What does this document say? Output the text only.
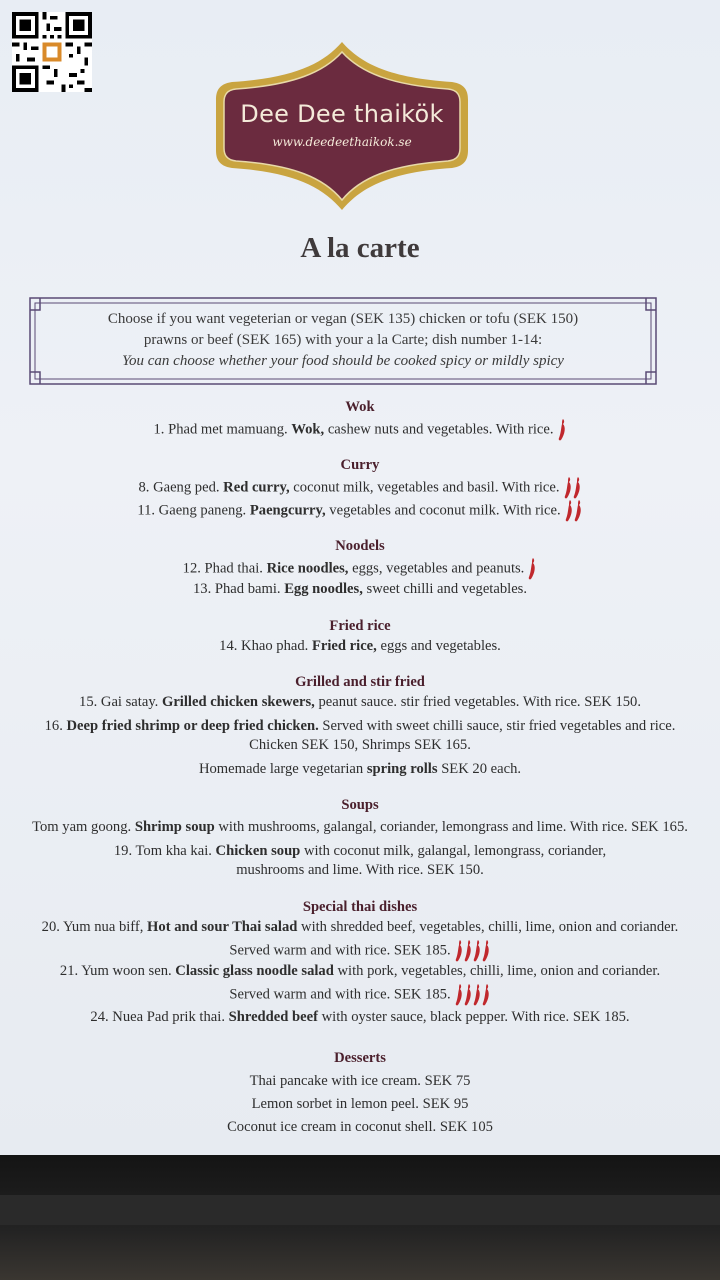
Dee Dee thaikök
www.deedeethaikok.se
A la carte
Choose if you want vegeterian or vegan (SEK 135) chicken or tofu (SEK 150)
prawns or beef (SEK 165) with your a la Carte; dish number 1-14:
You can choose whether your food should be cooked spicy or mildly spicy
Wok
1. Phad met mamuang. Wok, cashew nuts and vegetables. With rice.
Curry
8. Gaeng ped. Red curry, coconut milk, vegetables and basil. With rice.
11. Gaeng paneng. Paengcurry, vegetables and coconut milk. With rice.
Noodels
12. Phad thai. Rice noodles, eggs, vegetables and peanuts.
13. Phad bami. Egg noodles, sweet chilli and vegetables.
Fried rice
14. Khao phad. Fried rice, eggs and vegetables.
Grilled and stir fried
15. Gai satay. Grilled chicken skewers, peanut sauce. stir fried vegetables. With rice. SEK 150.
16. Deep fried shrimp or deep fried chicken. Served with sweet chilli sauce, stir fried vegetables and rice.
Chicken SEK 150, Shrimps SEK 165.
Homemade large vegetarian spring rolls SEK 20 each.
Soups
Tom yam goong. Shrimp soup with mushrooms, galangal, coriander, lemongrass and lime. With rice. SEK 165.
19. Tom kha kai. Chicken soup with coconut milk, galangal, lemongrass, coriander,
mushrooms and lime. With rice. SEK 150.
Special thai dishes
20. Yum nua biff, Hot and sour Thai salad with shredded beef, vegetables, chilli, lime, onion and coriander.
Served warm and with rice. SEK 185.
21. Yum woon sen. Classic glass noodle salad with pork, vegetables, chilli, lime, onion and coriander.
Served warm and with rice. SEK 185.
24. Nuea Pad prik thai. Shredded beef with oyster sauce, black pepper. With rice. SEK 185.
Desserts
Thai pancake with ice cream. SEK 75
Lemon sorbet in lemon peel. SEK 95
Coconut ice cream in coconut shell. SEK 105
